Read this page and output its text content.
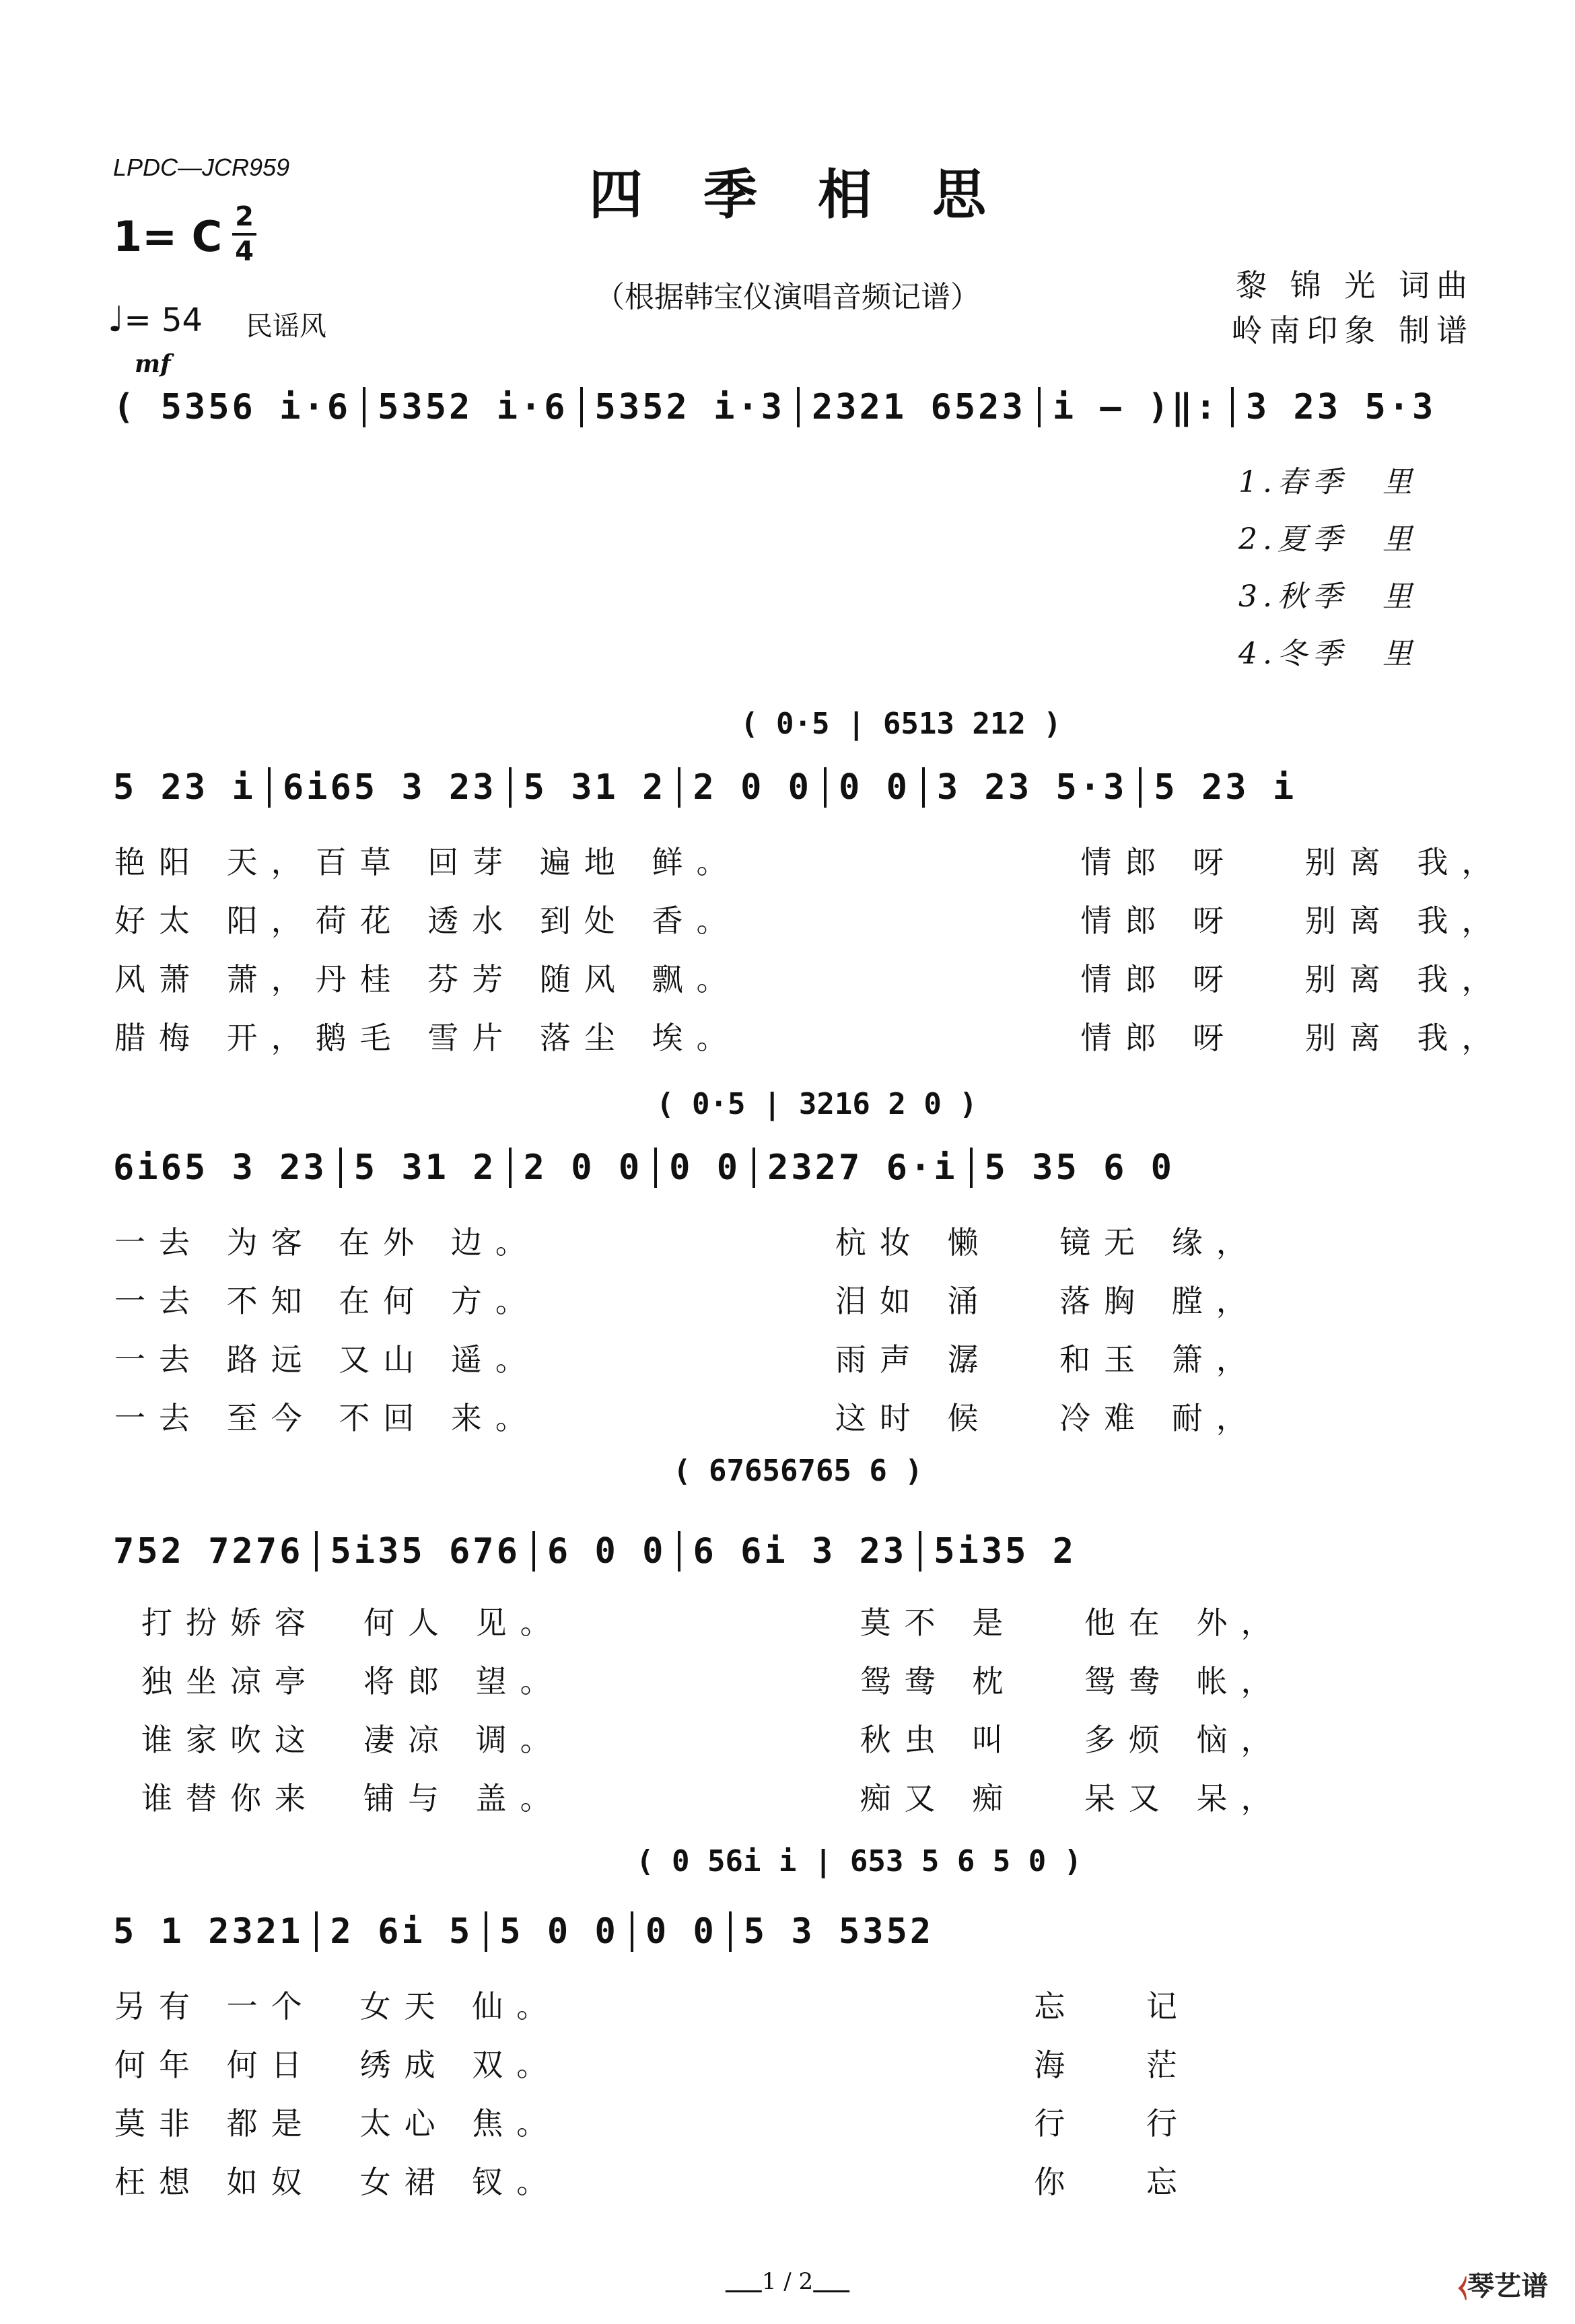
LPDC—JCR959	四季相思
1= C 2
4
（根据韩宝仪演唱音频记谱）	黎 锦 光 词曲
岭南印象 制谱
♩= 54 民谣风
mf
( 5356 i·6 5352 i·6 5352 i·3 2321 6523 i – )‖: 3 23 5·3
1.春季　里
2.夏季　里
3.秋季　里
4.冬季　里
( 0·5 | 6513 212 )
5 23 i 6i65 3 23 5 31 2 2 0 0 0 0 3 23 5·3 5 23 i
艳阳 天，百草 回芽 遍地 鲜。　　　　　　　　情郎 呀　 别离 我，
好太 阳，荷花 透水 到处 香。　　　　　　　　情郎 呀　 别离 我，
风萧 萧，丹桂 芬芳 随风 飘。　　　　　　　　情郎 呀　 别离 我，
腊梅 开，鹅毛 雪片 落尘 埃。　　　　　　　　情郎 呀　 别离 我，
( 0·5 | 3216 2 0 )
6i65 3 23 5 31 2 2 0 0 0 0 2327 6·i 5 35 6 0
一去 为客 在外 边。　　　　　　　杭妆 懒　 镜无 缘，
一去 不知 在何 方。　　　　　　　泪如 涌　 落胸 膛，
一去 路远 又山 遥。　　　　　　　雨声 潺　 和玉 箫，
一去 至今 不回 来。　　　　　　　这时 候　 冷难 耐，
( 67656765 6 )
752 7276 5i35 676 6 0 0 6 6i 3 23 5i35 2
打扮娇容　何人 见。　　　　　　　莫不 是　 他在 外，
独坐凉亭　将郎 望。　　　　　　　鸳鸯 枕　 鸳鸯 帐，
谁家吹这　凄凉 调。　　　　　　　秋虫 叫　 多烦 恼，
谁替你来　铺与 盖。　　　　　　　痴又 痴　 呆又 呆，
( 0 56i i | 653 5 6 5 0 )
5 1 2321 2 6i 5 5 0 0 0 0 5 3 5352
另有 一个　女天 仙。　　　　　　　　　　　忘　 记
何年 何日　绣成 双。　　　　　　　　　　　海　 茫
莫非 都是　太心 焦。　　　　　　　　　　　行　 行
枉想 如奴　女裙 钗。　　　　　　　　　　　你　 忘
1 / 2	⧼琴艺谱
